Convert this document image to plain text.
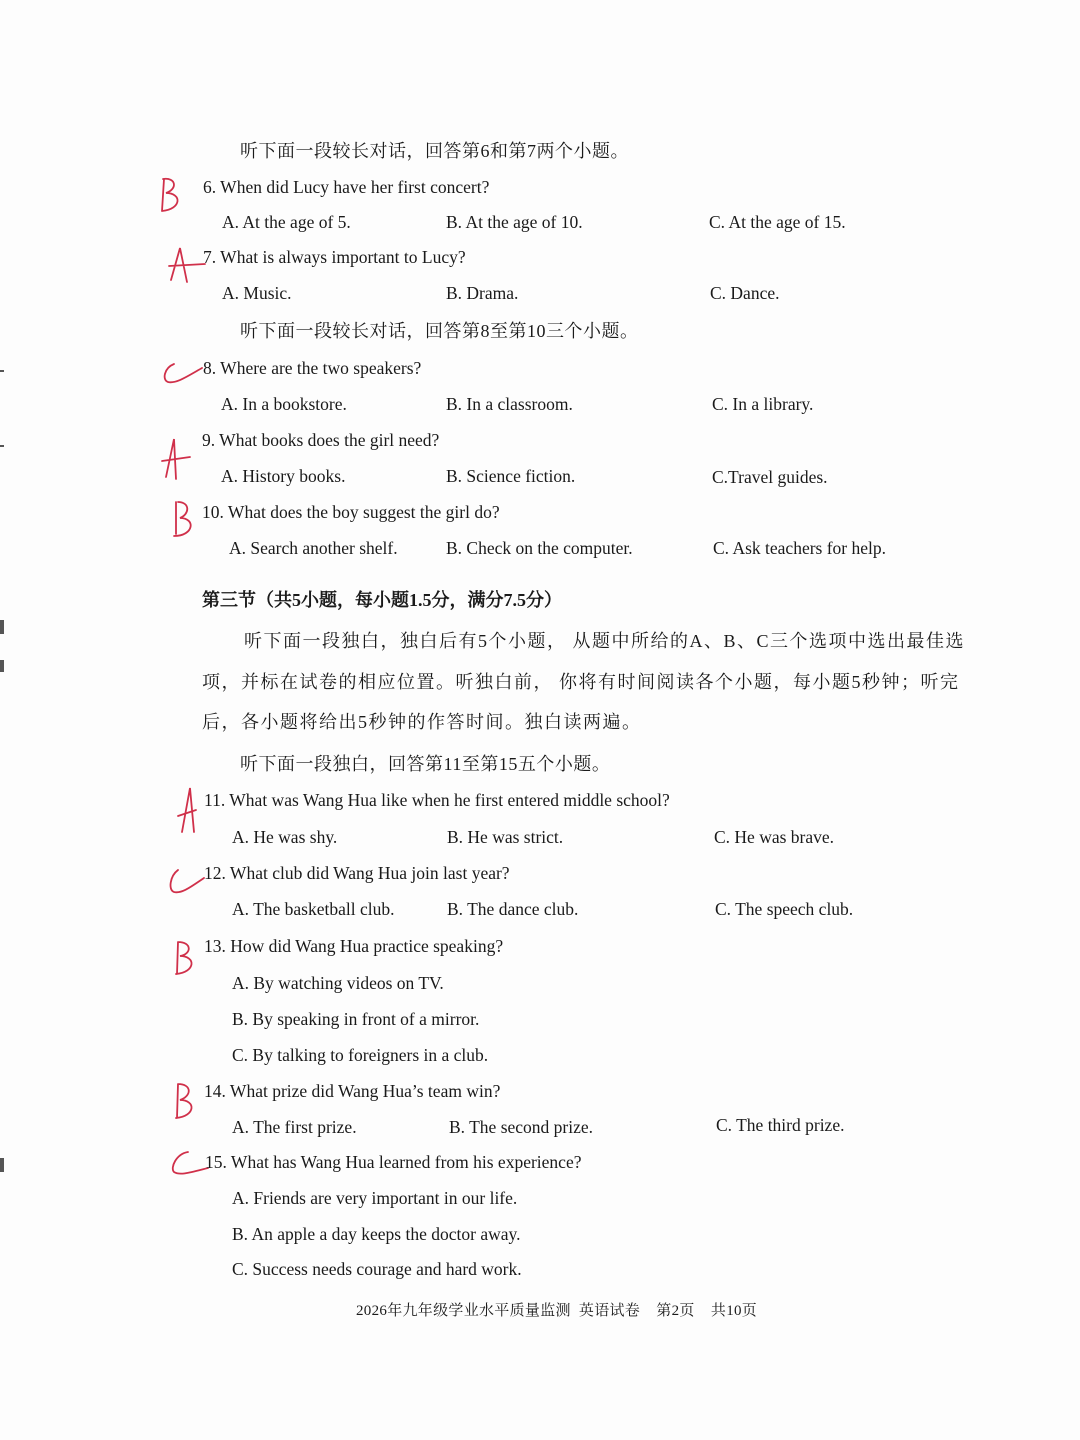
听下面一段较长对话，回答第6和第7两个小题。
6. When did Lucy have her first concert?
A. At the age of 5.	B. At the age of 10.	C. At the age of 15.
7. What is always important to Lucy?
A. Music.	B. Drama.	C. Dance.
听下面一段较长对话，回答第8至第10三个小题。
8. Where are the two speakers?
A. In a bookstore.	B. In a classroom.	C. In a library.
9. What books does the girl need?
A. History books.	B. Science fiction.	C.Travel guides.
10. What does the boy suggest the girl do?
A. Search another shelf.	B. Check on the computer.	C. Ask teachers for help.
第三节（共5小题，每小题1.5分，满分7.5分）
听下面一段独白，独白后有5个小题， 从题中所给的A、B、C三个选项中选出最佳选
项，并标在试卷的相应位置。听独白前， 你将有时间阅读各个小题，每小题5秒钟；听完
后，各小题将给出5秒钟的作答时间。独白读两遍。
听下面一段独白，回答第11至第15五个小题。
11. What was Wang Hua like when he first entered middle school?
A. He was shy.	B. He was strict.	C. He was brave.
12. What club did Wang Hua join last year?
A. The basketball club.	B. The dance club.	C. The speech club.
13. How did Wang Hua practice speaking?
A. By watching videos on TV.
B. By speaking in front of a mirror.
C. By talking to foreigners in a club.
14. What prize did Wang Hua’s team win?
A. The first prize.	B. The second prize.	C. The third prize.
15. What has Wang Hua learned from his experience?
A. Friends are very important in our life.
B. An apple a day keeps the doctor away.
C. Success needs courage and hard work.
2026年九年级学业水平质量监测  英语试卷    第2页    共10页
